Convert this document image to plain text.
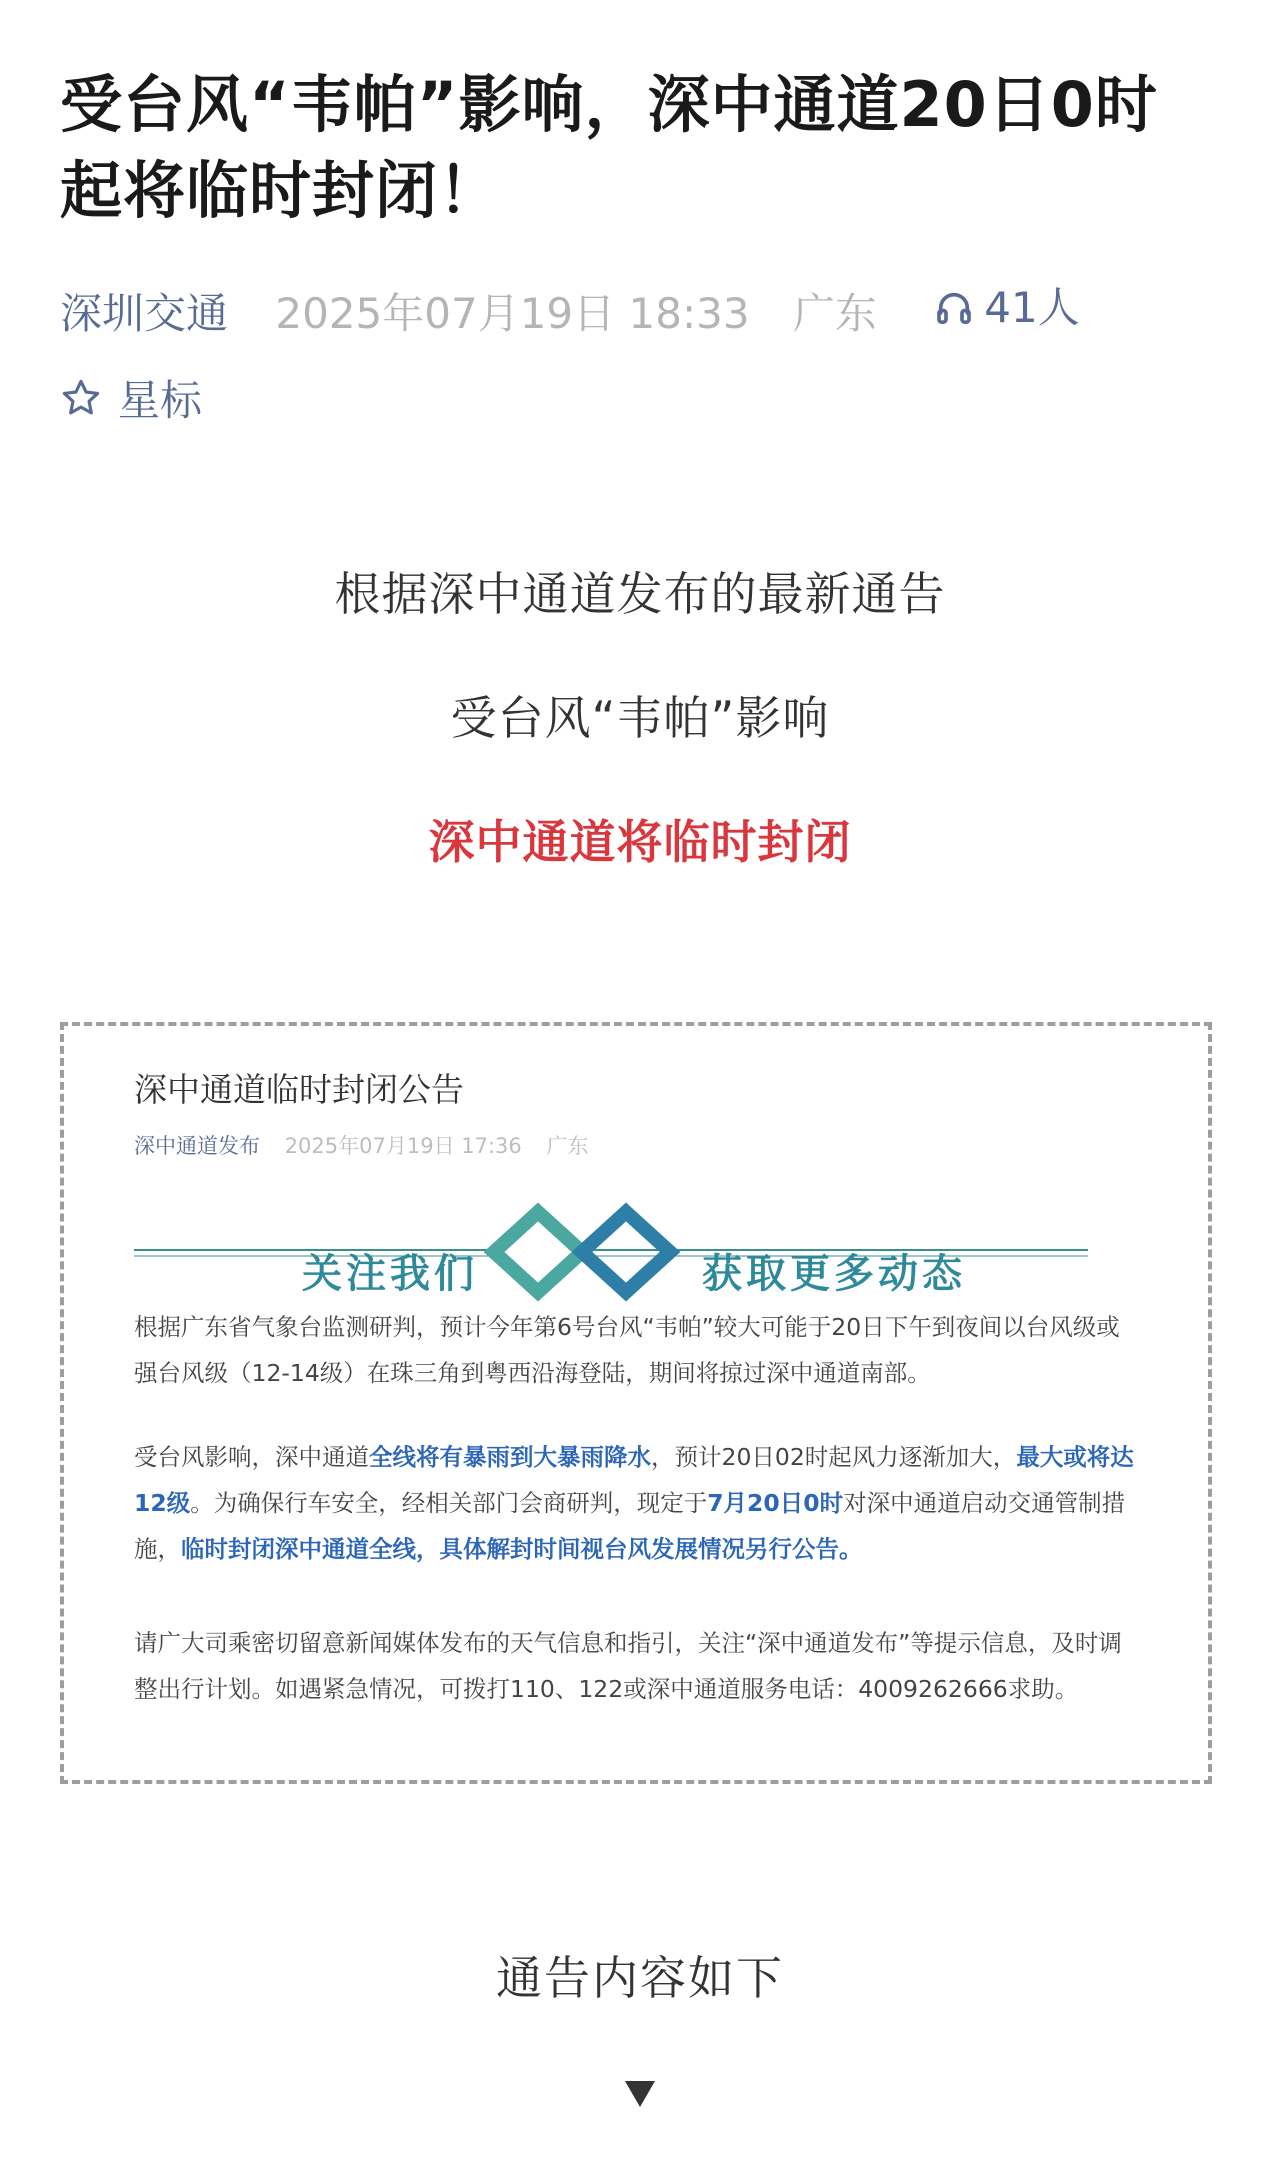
受台风“韦帕”影响，深中通道20日0时起将临时封闭！
深圳交通 2025年07月19日 18:33 广东	41人
星标
根据深中通道发布的最新通告
受台风“韦帕”影响
深中通道将临时封闭
深中通道临时封闭公告
深中通道发布 2025年07月19日 17:36 广东
关注我们	获取更多动态

根据广东省气象台监测研判，预计今年第6号台风“韦帕”较大可能于20日下午到夜间以台风级或强台风级（12-14级）在珠三角到粤西沿海登陆，期间将掠过深中通道南部。

受台风影响，深中通道全线将有暴雨到大暴雨降水，预计20日02时起风力逐渐加大，最大或将达12级。为确保行车安全，经相关部门会商研判，现定于7月20日0时对深中通道启动交通管制措施，临时封闭深中通道全线，具体解封时间视台风发展情况另行公告。

请广大司乘密切留意新闻媒体发布的天气信息和指引，关注“深中通道发布”等提示信息，及时调整出行计划。如遇紧急情况，可拨打110、122或深中通道服务电话：4009262666求助。

通告内容如下
